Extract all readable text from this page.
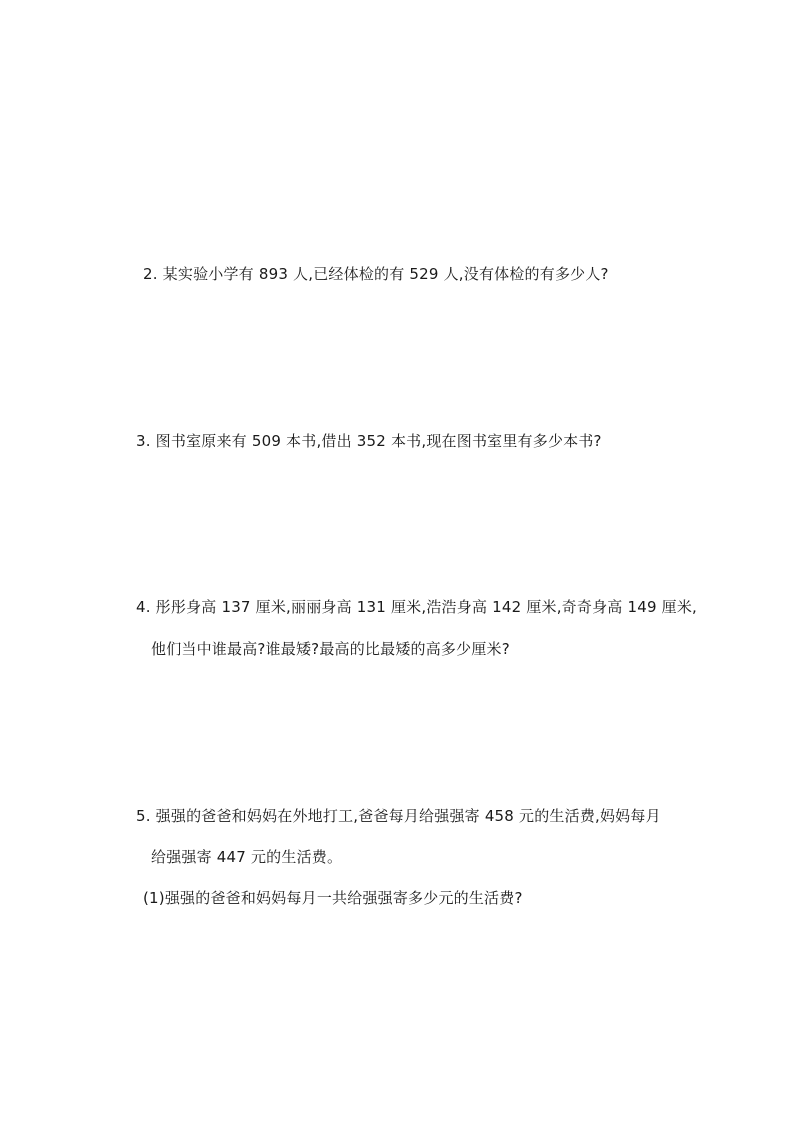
2. 某实验小学有 893 人,已经体检的有 529 人,没有体检的有多少人?
3. 图书室原来有 509 本书,借出 352 本书,现在图书室里有多少本书?
4. 彤彤身高 137 厘米,丽丽身高 131 厘米,浩浩身高 142 厘米,奇奇身高 149 厘米,
他们当中谁最高?谁最矮?最高的比最矮的高多少厘米?
5. 强强的爸爸和妈妈在外地打工,爸爸每月给强强寄 458 元的生活费,妈妈每月
给强强寄 447 元的生活费。
(1)强强的爸爸和妈妈每月一共给强强寄多少元的生活费?
